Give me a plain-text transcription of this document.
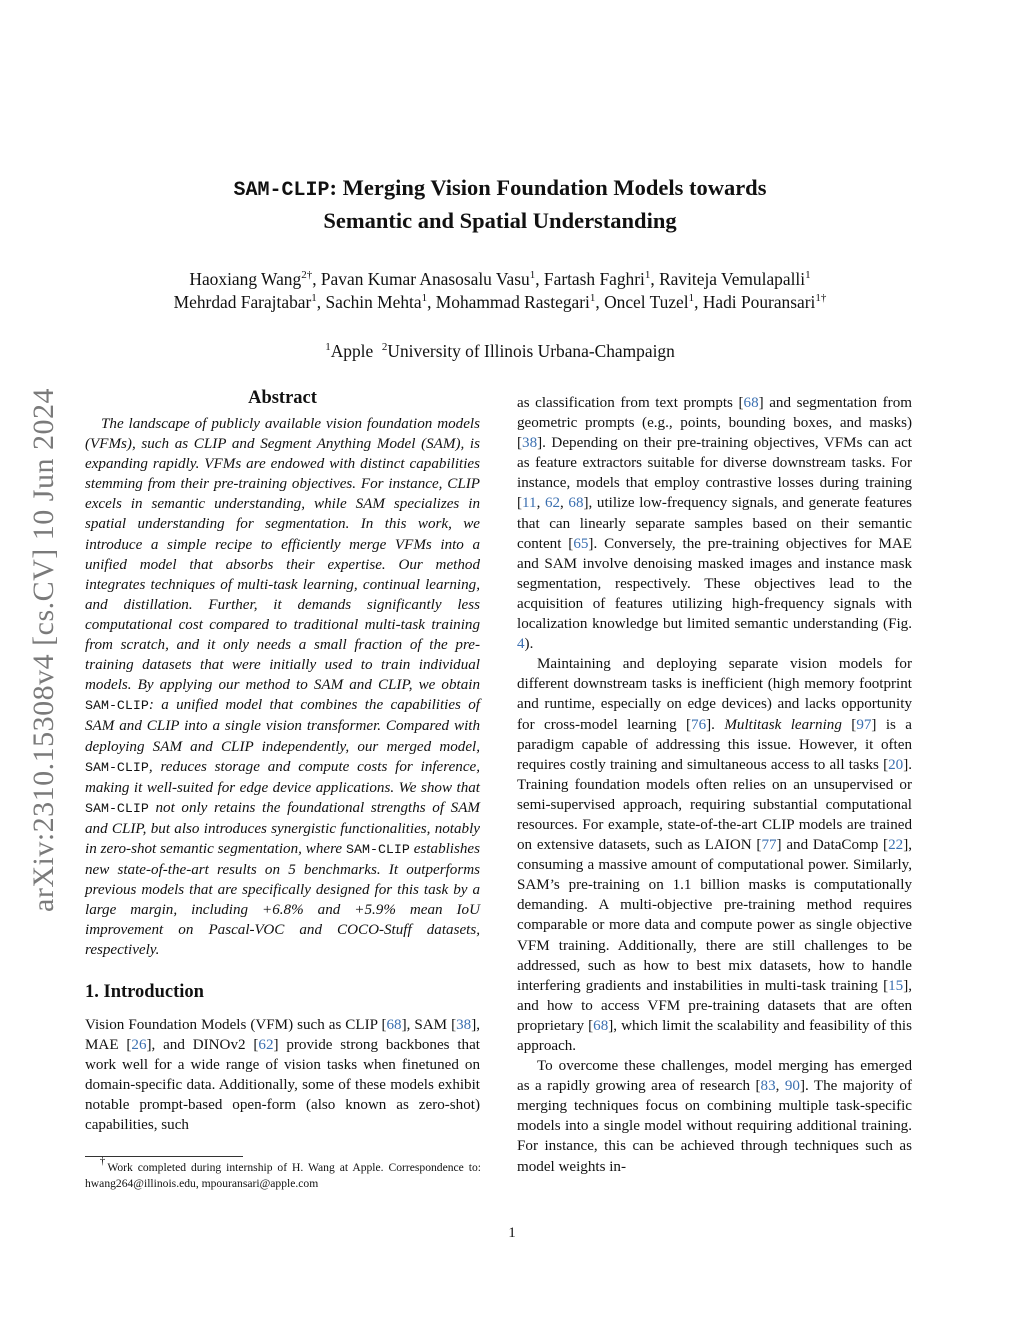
arXiv:2310.15308v4 [cs.CV] 10 Jun 2024
SAM-CLIP: Merging Vision Foundation Models towards
Semantic and Spatial Understanding
Haoxiang Wang$^{2\dagger}$, Pavan Kumar Anasosalu Vasu$^1$, Fartash Faghri$^1$, Raviteja Vemulapalli$^1$
Mehrdad Farajtabar$^1$, Sachin Mehta$^1$, Mohammad Rastegari$^1$, Oncel Tuzel$^1$, Hadi Pouransari$^{1\dagger}$
$^1$Apple $^2$University of Illinois Urbana-Champaign
Abstract

The landscape of publicly available vision foundation models (VFMs), such as CLIP and Segment Anything Model (SAM), is expanding rapidly. VFMs are endowed with distinct capabilities stemming from their pre-training objectives. For instance, CLIP excels in semantic understanding, while SAM specializes in spatial understanding for segmentation. In this work, we introduce a simple recipe to efficiently merge VFMs into a unified model that absorbs their expertise. Our method integrates techniques of multi-task learning, continual learning, and distillation. Further, it demands significantly less computational cost compared to traditional multi-task training from scratch, and it only needs a small fraction of the pre-training datasets that were initially used to train individual models. By applying our method to SAM and CLIP, we obtain SAM-CLIP: a unified model that combines the capabilities of SAM and CLIP into a single vision transformer. Compared with deploying SAM and CLIP independently, our merged model, SAM-CLIP, reduces storage and compute costs for inference, making it well-suited for edge device applications. We show that SAM-CLIP not only retains the foundational strengths of SAM and CLIP, but also introduces synergistic functionalities, notably in zero-shot semantic segmentation, where SAM-CLIP establishes new state-of-the-art results on 5 benchmarks. It outperforms previous models that are specifically designed for this task by a large margin, including +6.8% and +5.9% mean IoU improvement on Pascal-VOC and COCO-Stuff datasets, respectively.

1. Introduction

Vision Foundation Models (VFM) such as CLIP [68], SAM [38], MAE [26], and DINOv2 [62] provide strong backbones that work well for a wide range of vision tasks when finetuned on domain-specific data. Additionally, some of these models exhibit notable prompt-based open-form (also known as zero-shot) capabilities, such

†Work completed during internship of H. Wang at Apple. Correspondence to: hwang264@illinois.edu, mpouransari@apple.com

as classification from text prompts [68] and segmentation from geometric prompts (e.g., points, bounding boxes, and masks) [38]. Depending on their pre-training objectives, VFMs can act as feature extractors suitable for diverse downstream tasks. For instance, models that employ contrastive losses during training [11, 62, 68], utilize low-frequency signals, and generate features that can linearly separate samples based on their semantic content [65]. Conversely, the pre-training objectives for MAE and SAM involve denoising masked images and instance mask segmentation, respectively. These objectives lead to the acquisition of features utilizing high-frequency signals with localization knowledge but limited semantic understanding (Fig. 4).

Maintaining and deploying separate vision models for different downstream tasks is inefficient (high memory footprint and runtime, especially on edge devices) and lacks opportunity for cross-model learning [76]. Multitask learning [97] is a paradigm capable of addressing this issue. However, it often requires costly training and simultaneous access to all tasks [20]. Training foundation models often relies on an unsupervised or semi-supervised approach, requiring substantial computational resources. For example, state-of-the-art CLIP models are trained on extensive datasets, such as LAION [77] and DataComp [22], consuming a massive amount of computational power. Similarly, SAM’s pre-training on 1.1 billion masks is computationally demanding. A multi-objective pre-training method requires comparable or more data and compute power as single objective VFM training. Additionally, there are still challenges to be addressed, such as how to best mix datasets, how to handle interfering gradients and instabilities in multi-task training [15], and how to access VFM pre-training datasets that are often proprietary [68], which limit the scalability and feasibility of this approach.

To overcome these challenges, model merging has emerged as a rapidly growing area of research [83, 90]. The majority of merging techniques focus on combining multiple task-specific models into a single model without requiring additional training. For instance, this can be achieved through techniques such as model weights in-

1
